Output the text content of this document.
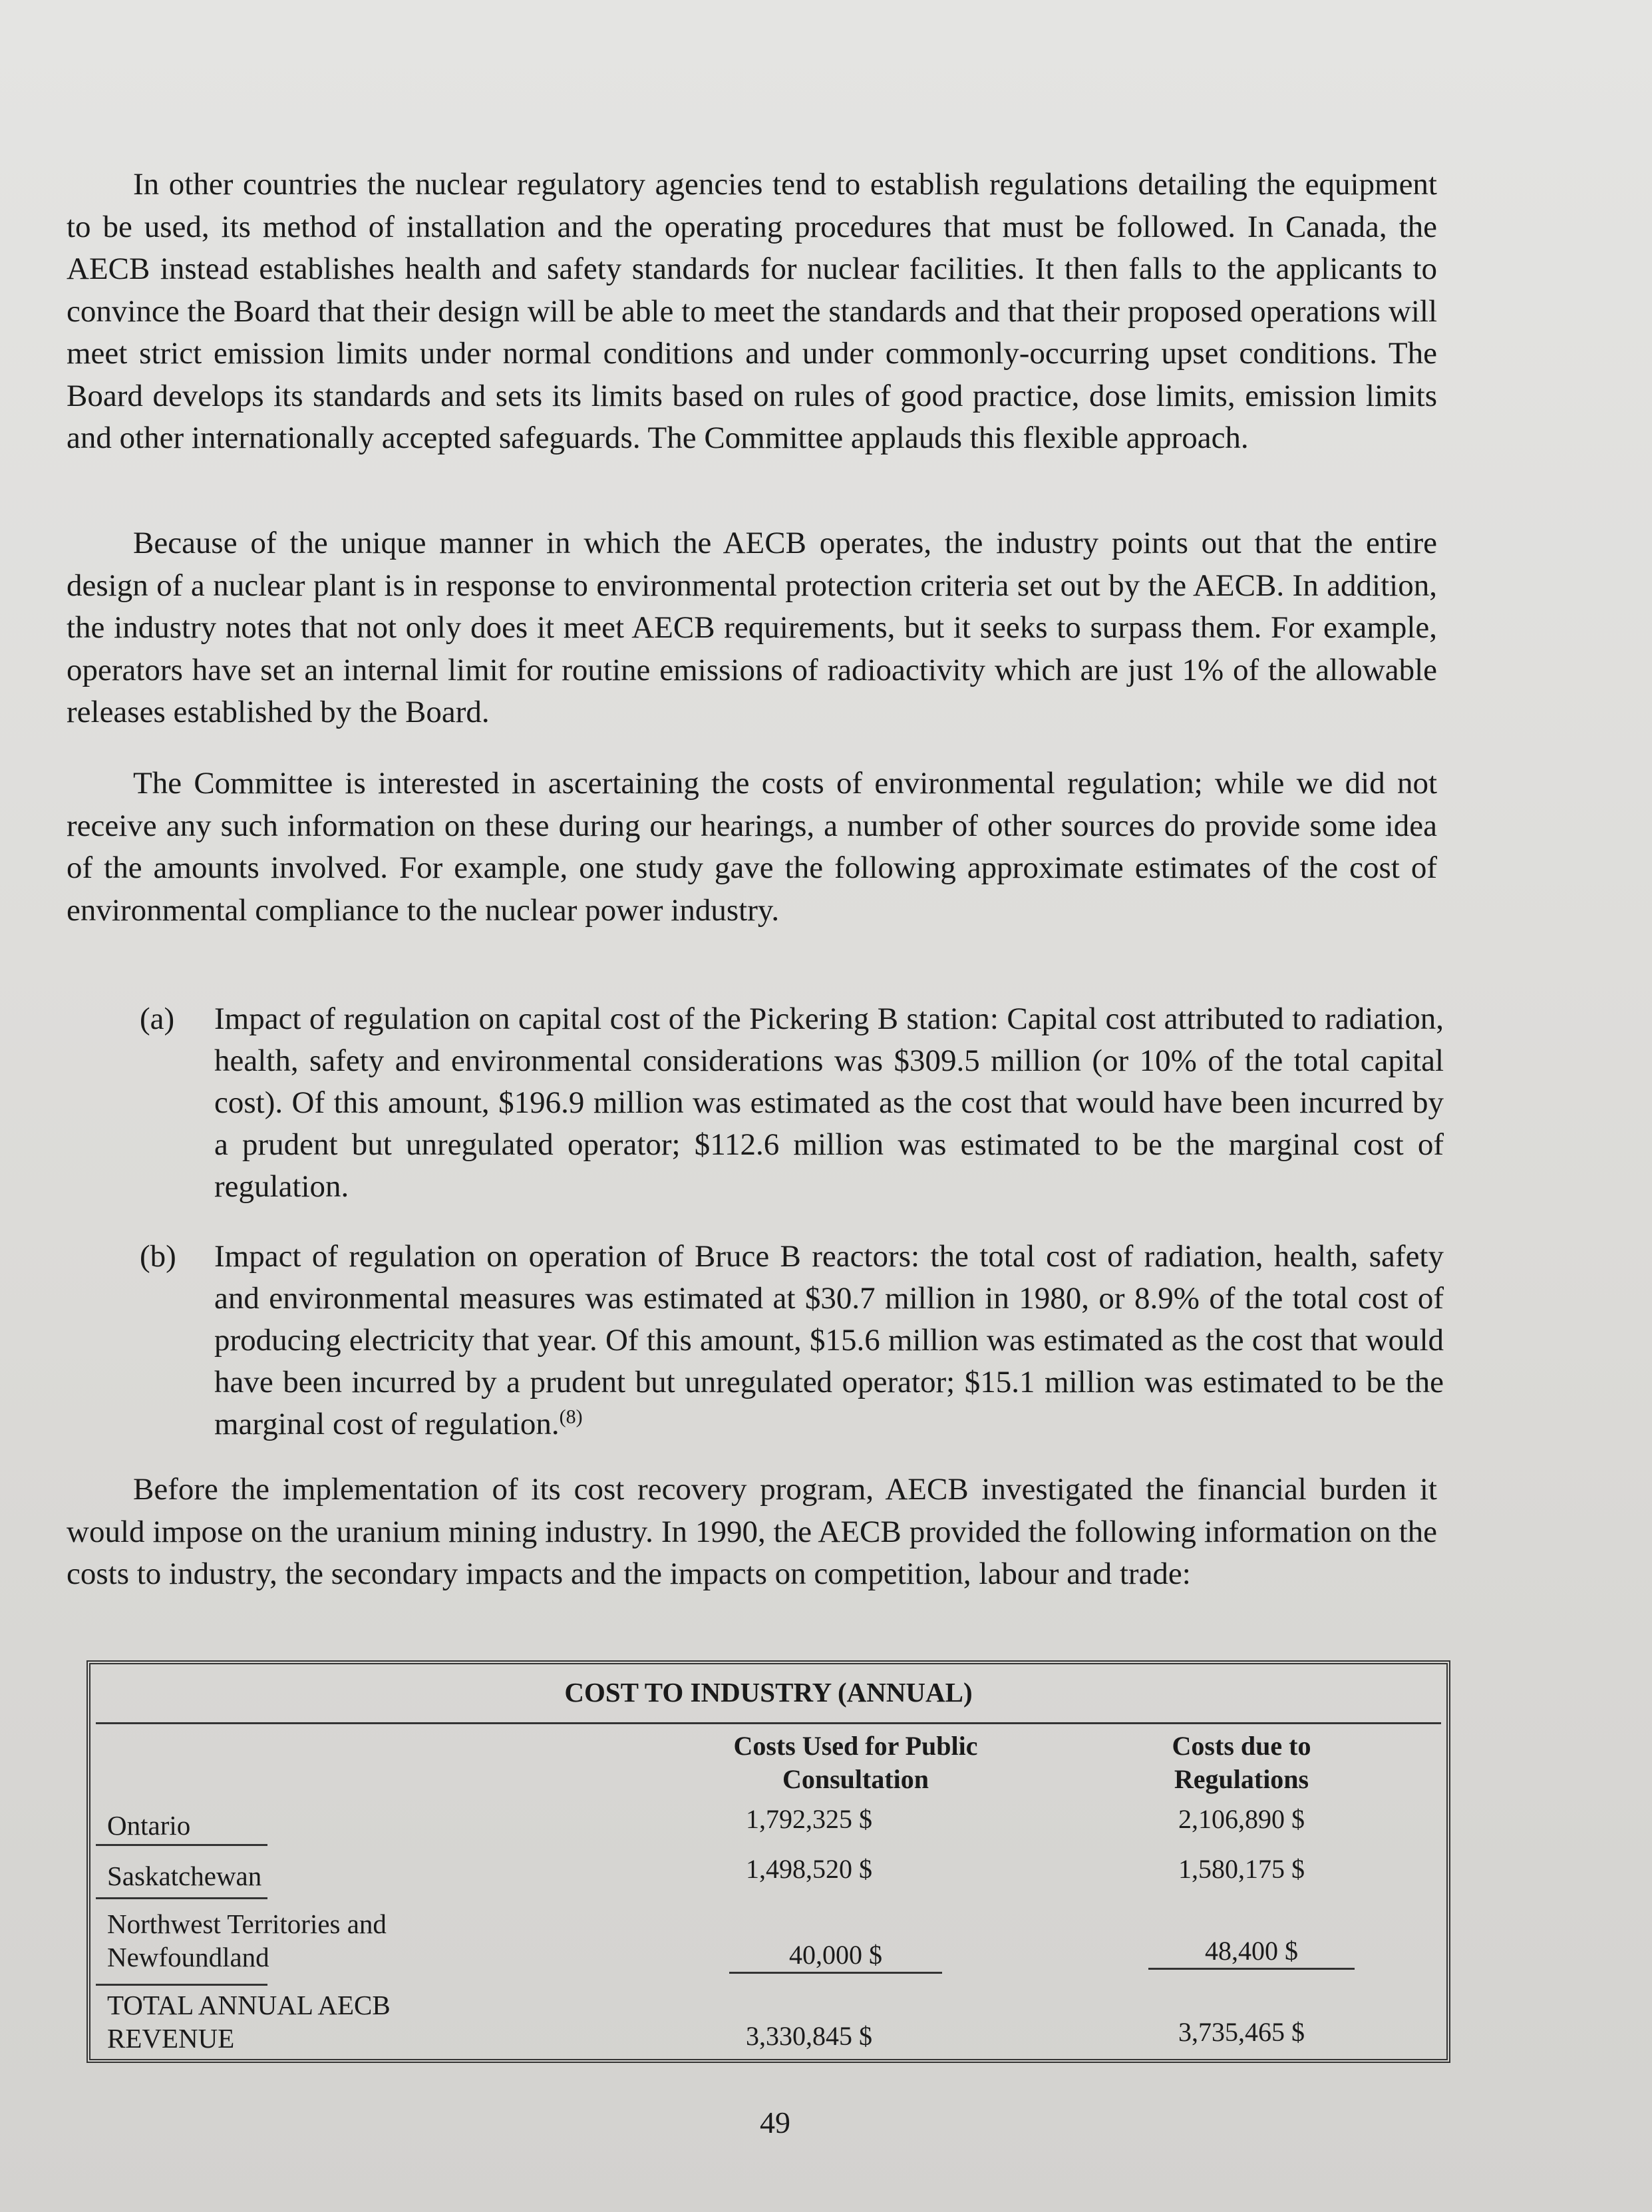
In other countries the nuclear regulatory agencies tend to establish regulations detailing the equipment to be used, its method of installation and the operating procedures that must be followed. In Canada, the AECB instead establishes health and safety standards for nuclear facilities. It then falls to the applicants to convince the Board that their design will be able to meet the standards and that their proposed operations will meet strict emission limits under normal conditions and under commonly-occurring upset conditions. The Board develops its standards and sets its limits based on rules of good practice, dose limits, emission limits and other internationally accepted safeguards. The Committee applauds this flexible approach.

Because of the unique manner in which the AECB operates, the industry points out that the entire design of a nuclear plant is in response to environmental protection criteria set out by the AECB. In addition, the industry notes that not only does it meet AECB requirements, but it seeks to surpass them. For example, operators have set an internal limit for routine emissions of radioactivity which are just 1% of the allowable releases established by the Board.

The Committee is interested in ascertaining the costs of environmental regulation; while we did not receive any such information on these during our hearings, a number of other sources do provide some idea of the amounts involved. For example, one study gave the following approximate estimates of the cost of environmental compliance to the nuclear power industry.

(a) Impact of regulation on capital cost of the Pickering B station: Capital cost attributed to radiation, health, safety and environmental considerations was $309.5 million (or 10% of the total capital cost). Of this amount, $196.9 million was estimated as the cost that would have been incurred by a prudent but unregulated operator; $112.6 million was estimated to be the marginal cost of regulation.
(b) Impact of regulation on operation of Bruce B reactors: the total cost of radiation, health, safety and environmental measures was estimated at $30.7 million in 1980, or 8.9% of the total cost of producing electricity that year. Of this amount, $15.6 million was estimated as the cost that would have been incurred by a prudent but unregulated operator; $15.1 million was estimated to be the marginal cost of regulation.$^{(8)}$

Before the implementation of its cost recovery program, AECB investigated the financial burden it would impose on the uranium mining industry. In 1990, the AECB provided the following information on the costs to industry, the secondary impacts and the impacts on competition, labour and trade:

COST TO INDUSTRY (ANNUAL)
Costs Used for Public
Consultation
Costs due to
Regulations
Ontario	1,792,325 $	2,106,890 $
Saskatchewan	1,498,520 $	1,580,175 $
Northwest Territories and
Newfoundland	40,000 $	48,400 $
TOTAL ANNUAL AECB
REVENUE	3,330,845 $	3,735,465 $
49
